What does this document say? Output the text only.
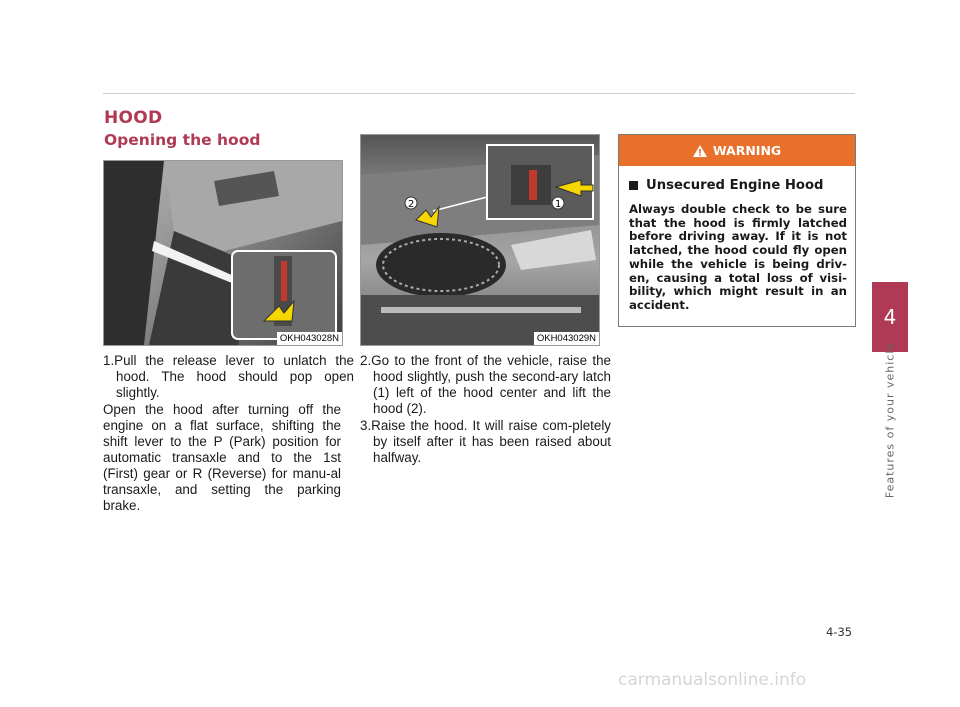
HOOD
Opening the hood
OKH043028N
2	1
OKH043029N

1.Pull the release lever to unlatch the hood. The hood should pop open slightly.

Open the hood after turning off the engine on a flat surface, shifting the shift lever to the P (Park) position for automatic transaxle and to the 1st (First) gear or R (Reverse) for manu-al transaxle, and setting the parking brake.

2.Go to the front of the vehicle, raise the hood slightly, push the second-ary latch (1) left of the hood center and lift the hood (2).

3.Raise the hood. It will raise com-pletely by itself after it has been raised about halfway.

WARNING
Unsecured Engine Hood

Always double check to be sure that the hood is firmly latched before driving away. If it is not latched, the hood could fly open while the vehicle is being driv-en, causing a total loss of visi-bility, which might result in an accident.

4
Features of your vehicle
4-35
carmanualsonline.info
